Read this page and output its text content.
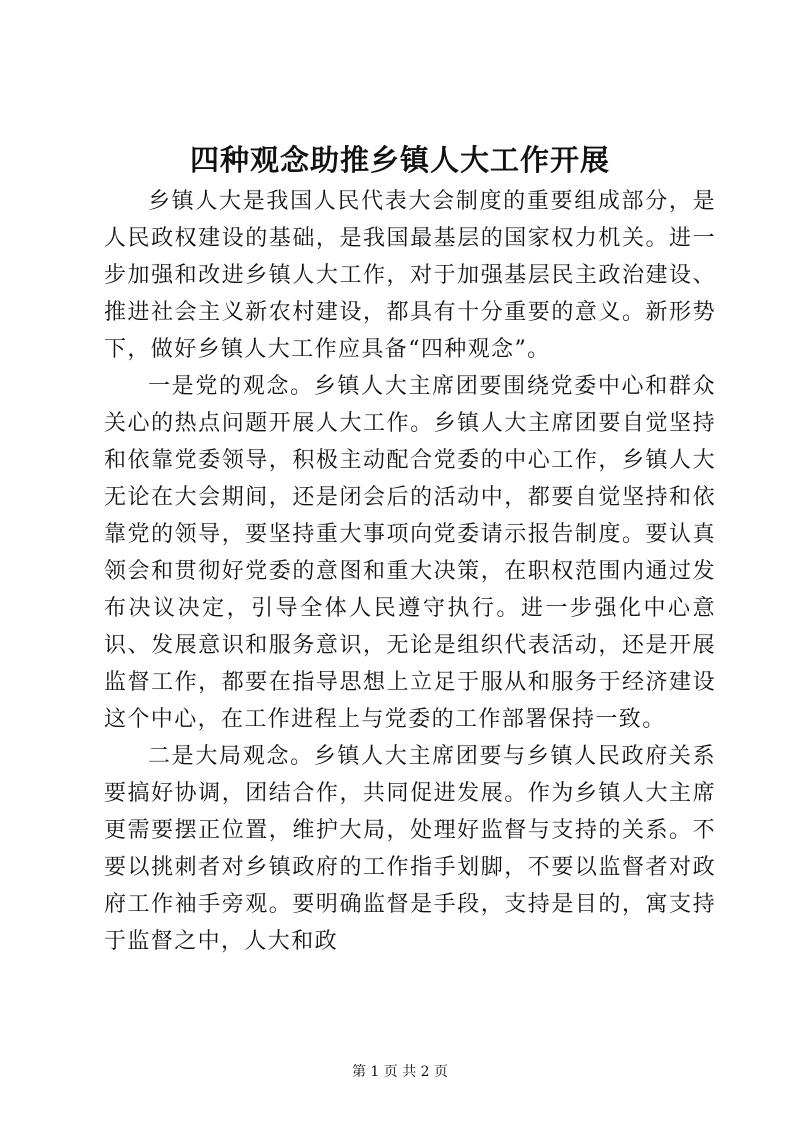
四种观念助推乡镇人大工作开展

乡镇人大是我国人民代表大会制度的重要组成部分，是人民政权建设的基础，是我国最基层的国家权力机关。进一步加强和改进乡镇人大工作，对于加强基层民主政治建设、推进社会主义新农村建设，都具有十分重要的意义。新形势下，做好乡镇人大工作应具备“四种观念”。

一是党的观念。乡镇人大主席团要围绕党委中心和群众关心的热点问题开展人大工作。乡镇人大主席团要自觉坚持和依靠党委领导，积极主动配合党委的中心工作，乡镇人大无论在大会期间，还是闭会后的活动中，都要自觉坚持和依靠党的领导，要坚持重大事项向党委请示报告制度。要认真领会和贯彻好党委的意图和重大决策，在职权范围内通过发布决议决定，引导全体人民遵守执行。进一步强化中心意识、发展意识和服务意识，无论是组织代表活动，还是开展监督工作，都要在指导思想上立足于服从和服务于经济建设这个中心，在工作进程上与党委的工作部署保持一致。

二是大局观念。乡镇人大主席团要与乡镇人民政府关系要搞好协调，团结合作，共同促进发展。作为乡镇人大主席更需要摆正位置，维护大局，处理好监督与支持的关系。不要以挑刺者对乡镇政府的工作指手划脚，不要以监督者对政府工作袖手旁观。要明确监督是手段，支持是目的，寓支持于监督之中，人大和政

第 1 页 共 2 页
